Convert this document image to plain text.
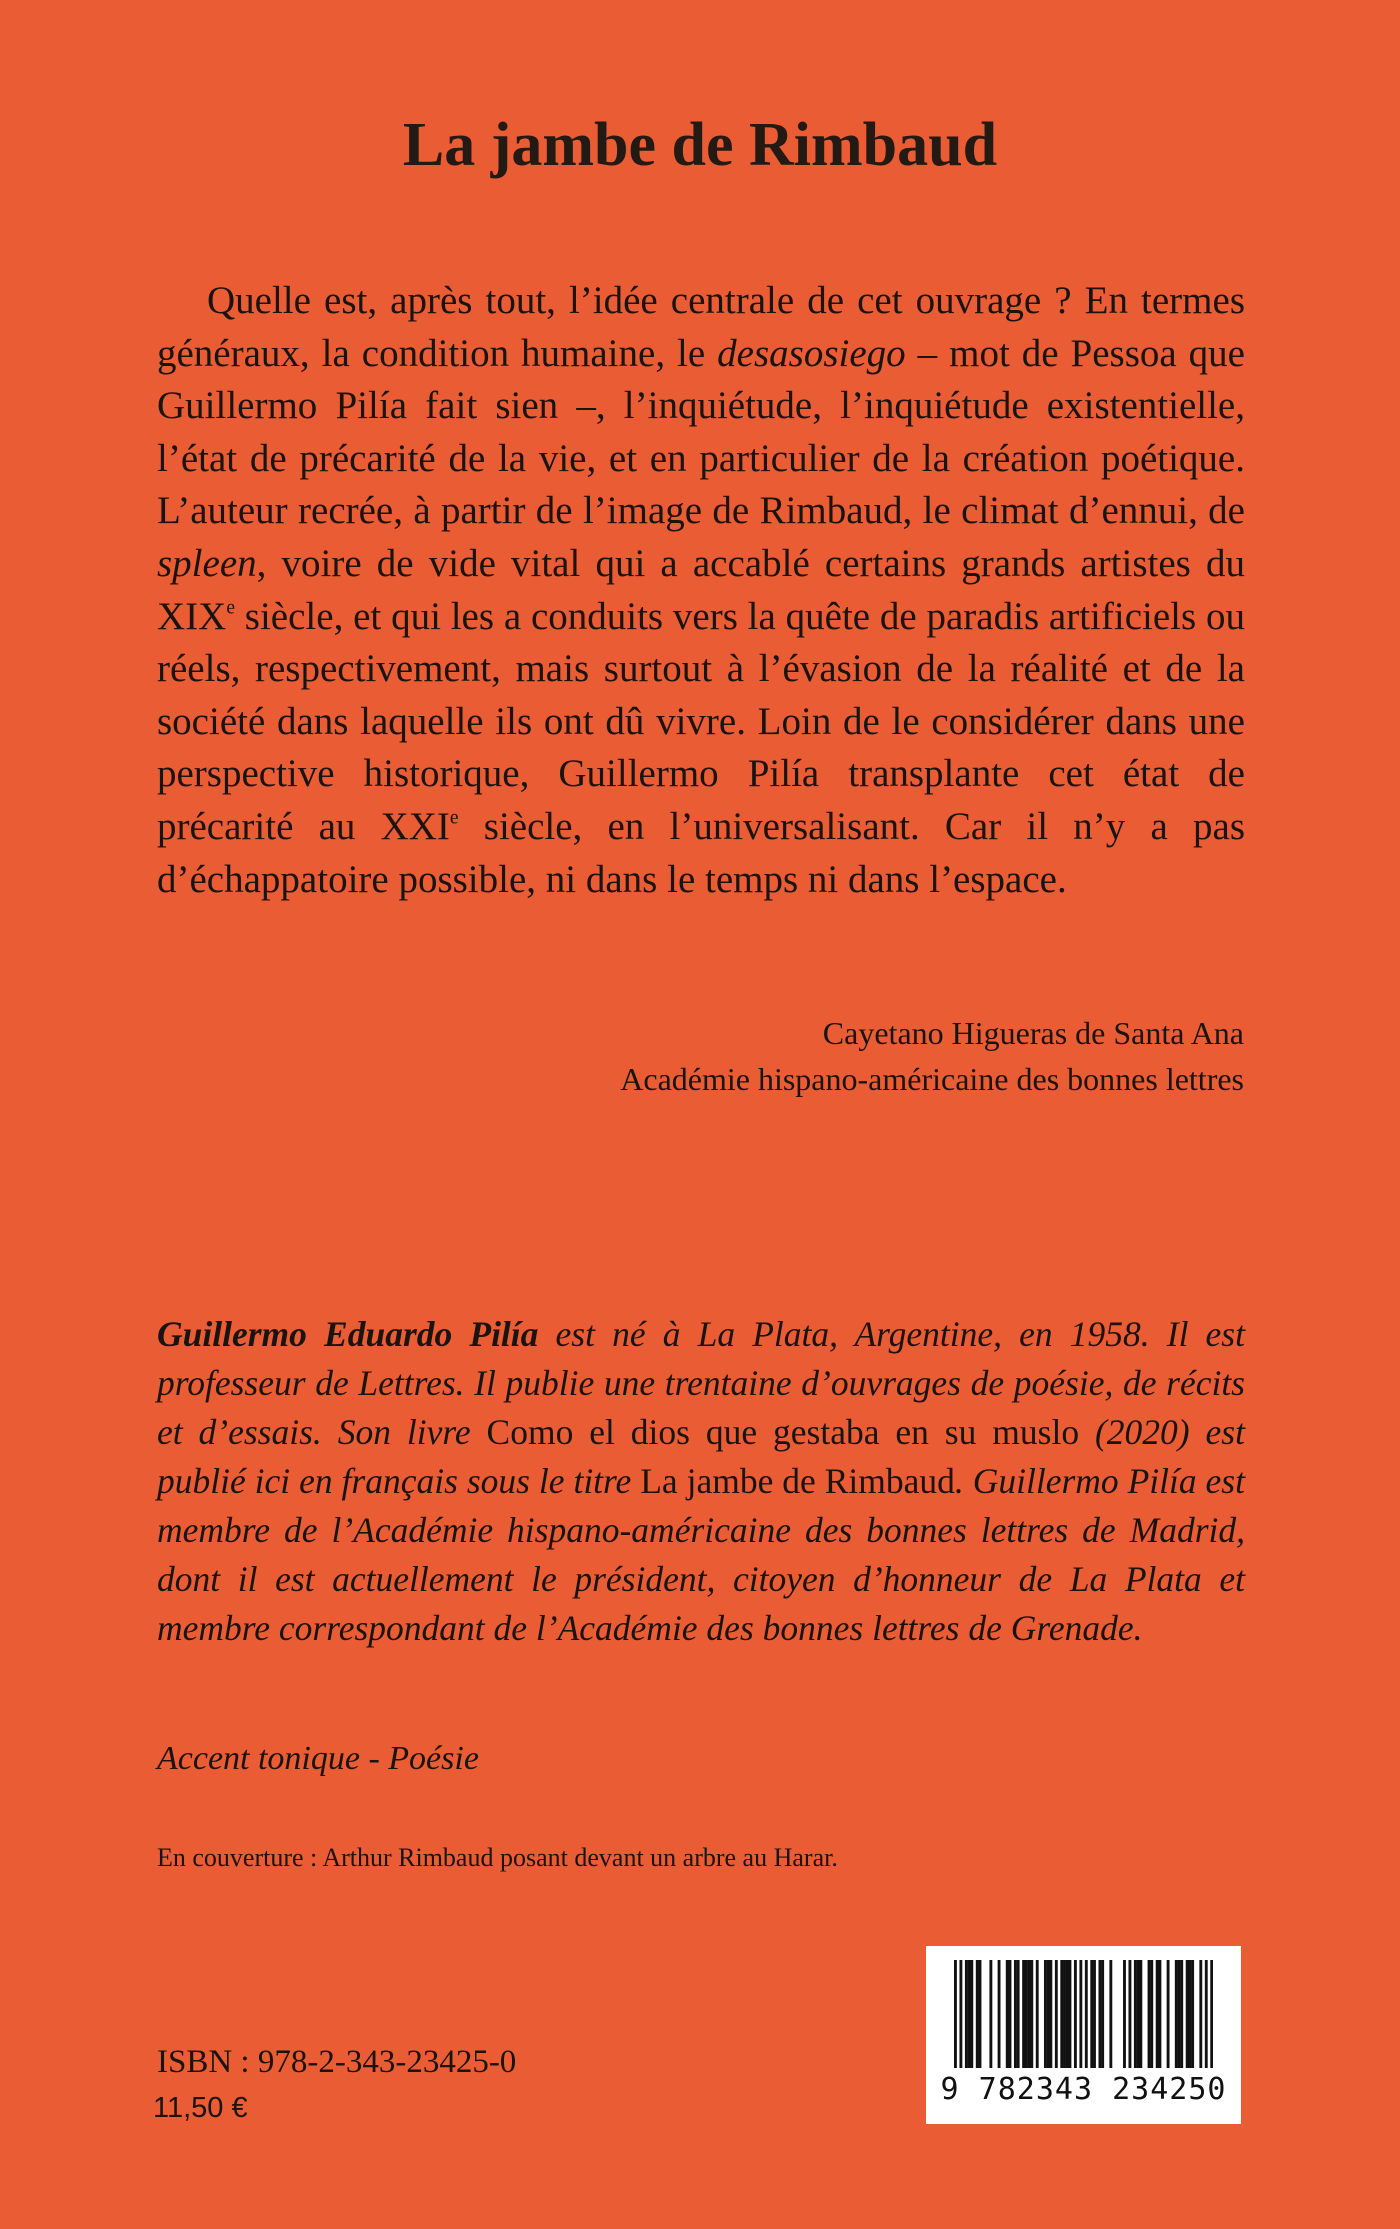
La jambe de Rimbaud

Quelle est, après tout, l’idée centrale de cet ouvrage ? En termes généraux, la condition humaine, le desasosiego – mot de Pessoa que Guillermo Pilía fait sien –, l’inquiétude, l’inquiétude existentielle, l’état de précarité de la vie, et en particulier de la création poétique. L’auteur recrée, à partir de l’image de Rimbaud, le climat d’ennui, de spleen, voire de vide vital qui a accablé certains grands artistes du XIXe siècle, et qui les a conduits vers la quête de paradis artificiels ou réels, respectivement, mais surtout à l’évasion de la réalité et de la société dans laquelle ils ont dû vivre. Loin de le considérer dans une perspective historique, Guillermo Pilía transplante cet état de précarité au XXIe siècle, en l’universalisant. Car il n’y a pas d’échappatoire possible, ni dans le temps ni dans l’espace.

Cayetano Higueras de Santa Ana

Académie hispano-américaine des bonnes lettres

Guillermo Eduardo Pilía est né à La Plata, Argentine, en 1958. Il est professeur de Lettres. Il publie une trentaine d’ouvrages de poésie, de récits et d’essais. Son livre Como el dios que gestaba en su muslo (2020) est publié ici en français sous le titre La jambe de Rimbaud. Guillermo Pilía est membre de l’Académie hispano-américaine des bonnes lettres de Madrid, dont il est actuellement le président, citoyen d’honneur de La Plata et membre correspondant de l’Académie des bonnes lettres de Grenade.

Accent tonique - Poésie

En couverture : Arthur Rimbaud posant devant un arbre au Harar.

ISBN : 978-2-343-23425-0

11,50 €

9 782343 234250
